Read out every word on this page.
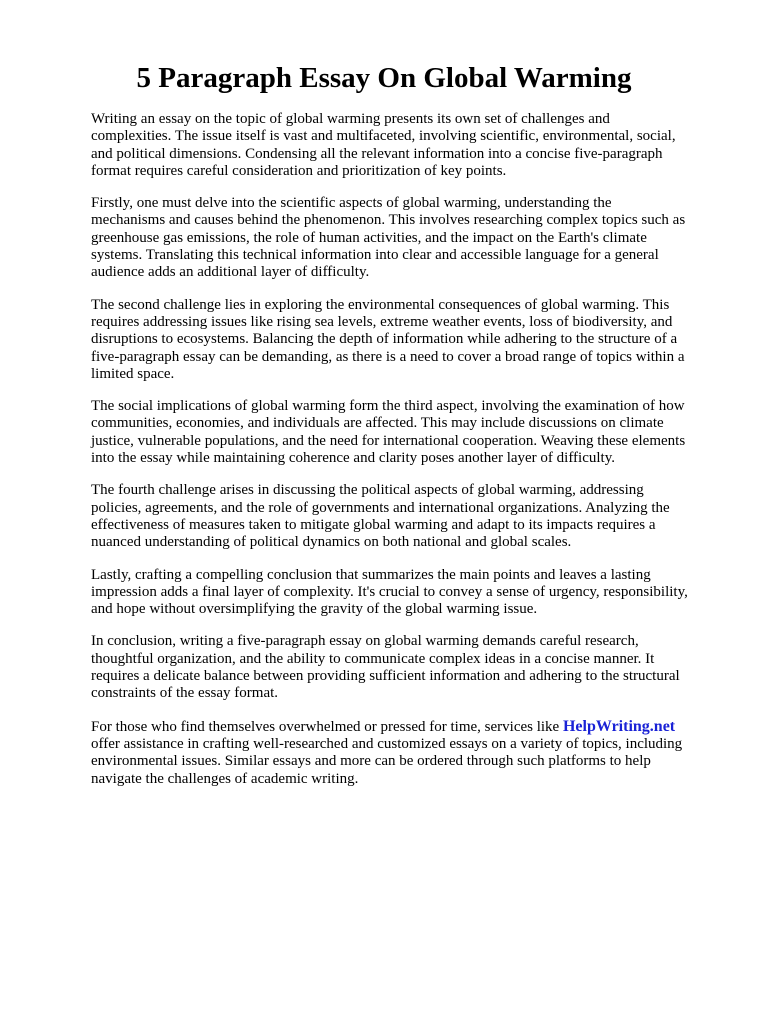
5 Paragraph Essay On Global Warming

Writing an essay on the topic of global warming presents its own set of challenges and complexities. The issue itself is vast and multifaceted, involving scientific, environmental, social, and political dimensions. Condensing all the relevant information into a concise five-paragraph format requires careful consideration and prioritization of key points.

Firstly, one must delve into the scientific aspects of global warming, understanding the mechanisms and causes behind the phenomenon. This involves researching complex topics such as greenhouse gas emissions, the role of human activities, and the impact on the Earth's climate systems. Translating this technical information into clear and accessible language for a general audience adds an additional layer of difficulty.

The second challenge lies in exploring the environmental consequences of global warming. This requires addressing issues like rising sea levels, extreme weather events, loss of biodiversity, and disruptions to ecosystems. Balancing the depth of information while adhering to the structure of a five-paragraph essay can be demanding, as there is a need to cover a broad range of topics within a limited space.

The social implications of global warming form the third aspect, involving the examination of how communities, economies, and individuals are affected. This may include discussions on climate justice, vulnerable populations, and the need for international cooperation. Weaving these elements into the essay while maintaining coherence and clarity poses another layer of difficulty.

The fourth challenge arises in discussing the political aspects of global warming, addressing policies, agreements, and the role of governments and international organizations. Analyzing the effectiveness of measures taken to mitigate global warming and adapt to its impacts requires a nuanced understanding of political dynamics on both national and global scales.

Lastly, crafting a compelling conclusion that summarizes the main points and leaves a lasting impression adds a final layer of complexity. It's crucial to convey a sense of urgency, responsibility, and hope without oversimplifying the gravity of the global warming issue.

In conclusion, writing a five-paragraph essay on global warming demands careful research, thoughtful organization, and the ability to communicate complex ideas in a concise manner. It requires a delicate balance between providing sufficient information and adhering to the structural constraints of the essay format.

For those who find themselves overwhelmed or pressed for time, services like HelpWriting.net offer assistance in crafting well-researched and customized essays on a variety of topics, including environmental issues. Similar essays and more can be ordered through such platforms to help navigate the challenges of academic writing.
